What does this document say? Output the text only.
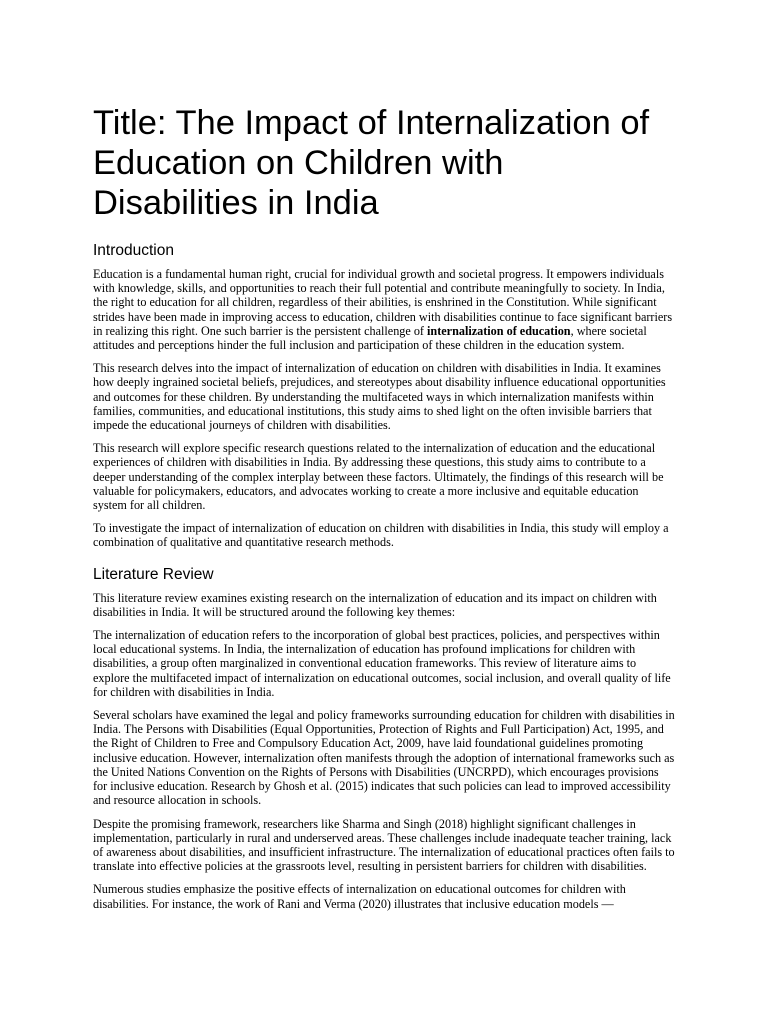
Title: The Impact of Internalization of Education on Children with Disabilities in India
Introduction

Education is a fundamental human right, crucial for individual growth and societal progress. It empowers individuals with knowledge, skills, and opportunities to reach their full potential and contribute meaningfully to society. In India, the right to education for all children, regardless of their abilities, is enshrined in the Constitution. While significant strides have been made in improving access to education, children with disabilities continue to face significant barriers in realizing this right. One such barrier is the persistent challenge of internalization of education, where societal attitudes and perceptions hinder the full inclusion and participation of these children in the education system.

This research delves into the impact of internalization of education on children with disabilities in India. It examines how deeply ingrained societal beliefs, prejudices, and stereotypes about disability influence educational opportunities and outcomes for these children. By understanding the multifaceted ways in which internalization manifests within families, communities, and educational institutions, this study aims to shed light on the often invisible barriers that impede the educational journeys of children with disabilities.

This research will explore specific research questions related to the internalization of education and the educational experiences of children with disabilities in India. By addressing these questions, this study aims to contribute to a deeper understanding of the complex interplay between these factors. Ultimately, the findings of this research will be valuable for policymakers, educators, and advocates working to create a more inclusive and equitable education system for all children.

To investigate the impact of internalization of education on children with disabilities in India, this study will employ a combination of qualitative and quantitative research methods.

Literature Review

This literature review examines existing research on the internalization of education and its impact on children with disabilities in India. It will be structured around the following key themes:

The internalization of education refers to the incorporation of global best practices, policies, and perspectives within local educational systems. In India, the internalization of education has profound implications for children with disabilities, a group often marginalized in conventional education frameworks. This review of literature aims to explore the multifaceted impact of internalization on educational outcomes, social inclusion, and overall quality of life for children with disabilities in India.

Several scholars have examined the legal and policy frameworks surrounding education for children with disabilities in India. The Persons with Disabilities (Equal Opportunities, Protection of Rights and Full Participation) Act, 1995, and the Right of Children to Free and Compulsory Education Act, 2009, have laid foundational guidelines promoting inclusive education. However, internalization often manifests through the adoption of international frameworks such as the United Nations Convention on the Rights of Persons with Disabilities (UNCRPD), which encourages provisions for inclusive education. Research by Ghosh et al. (2015) indicates that such policies can lead to improved accessibility and resource allocation in schools.

Despite the promising framework, researchers like Sharma and Singh (2018) highlight significant challenges in implementation, particularly in rural and underserved areas. These challenges include inadequate teacher training, lack of awareness about disabilities, and insufficient infrastructure. The internalization of educational practices often fails to translate into effective policies at the grassroots level, resulting in persistent barriers for children with disabilities.

Numerous studies emphasize the positive effects of internalization on educational outcomes for children with disabilities. For instance, the work of Rani and Verma (2020) illustrates that inclusive education models —
